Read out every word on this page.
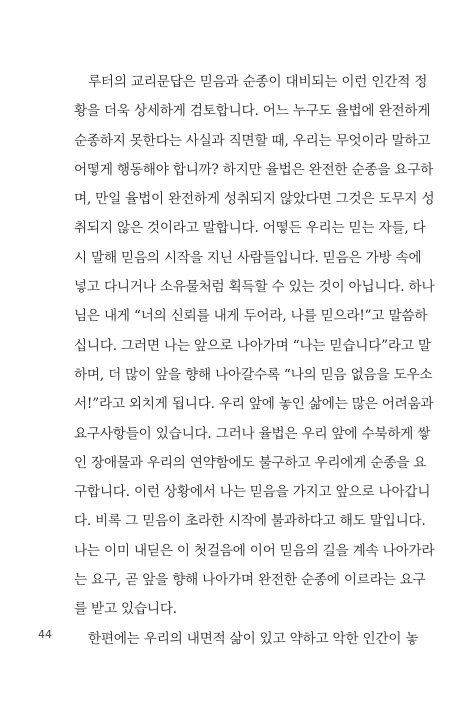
루터의 교리문답은 믿음과 순종이 대비되는 이런 인간적 정
황을 더욱 상세하게 검토합니다. 어느 누구도 율법에 완전하게
순종하지 못한다는 사실과 직면할 때, 우리는 무엇이라 말하고
어떻게 행동해야 합니까? 하지만 율법은 완전한 순종을 요구하
며, 만일 율법이 완전하게 성취되지 않았다면 그것은 도무지 성
취되지 않은 것이라고 말합니다. 어떻든 우리는 믿는 자들, 다
시 말해 믿음의 시작을 지닌 사람들입니다. 믿음은 가방 속에
넣고 다니거나 소유물처럼 획득할 수 있는 것이 아닙니다. 하나
님은 내게 “너의 신뢰를 내게 두어라, 나를 믿으라!”고 말씀하
십니다. 그러면 나는 앞으로 나아가며 “나는 믿습니다”라고 말
하며, 더 많이 앞을 향해 나아갈수록 “나의 믿음 없음을 도우소
서!”라고 외치게 됩니다. 우리 앞에 놓인 삶에는 많은 어려움과
요구사항들이 있습니다. 그러나 율법은 우리 앞에 수북하게 쌓
인 장애물과 우리의 연약함에도 불구하고 우리에게 순종을 요
구합니다. 이런 상황에서 나는 믿음을 가지고 앞으로 나아갑니
다. 비록 그 믿음이 초라한 시작에 불과하다고 해도 말입니다.
나는 이미 내딛은 이 첫걸음에 이어 믿음의 길을 계속 나아가라
는 요구, 곧 앞을 향해 나아가며 완전한 순종에 이르라는 요구
를 받고 있습니다.
한편에는 우리의 내면적 삶이 있고 약하고 악한 인간이 놓
44
